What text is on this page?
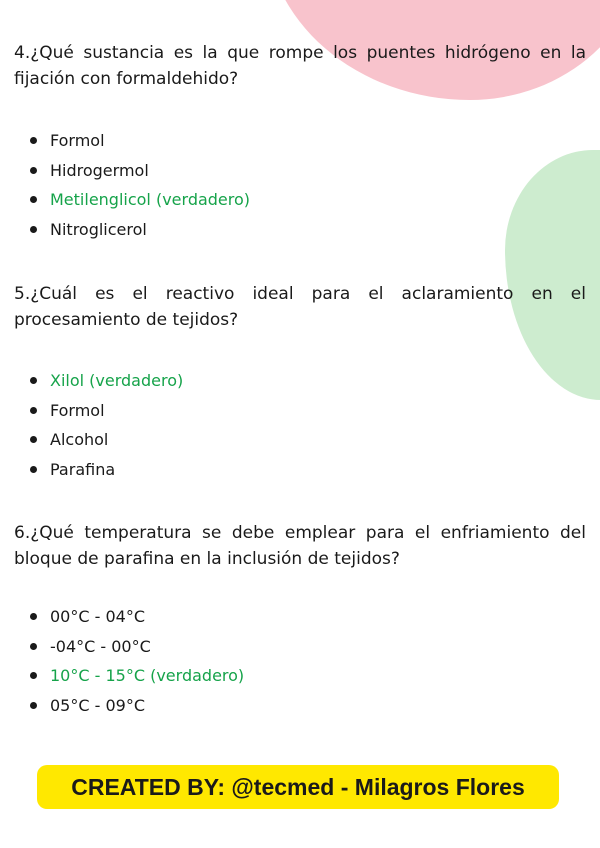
4.¿Qué sustancia es la que rompe los puentes hidrógeno en la fijación con formaldehido?

Formol
Hidrogermol
Metilenglicol (verdadero)
Nitroglicerol

5.¿Cuál es el reactivo ideal para el aclaramiento en el procesamiento de tejidos?

Xilol (verdadero)
Formol
Alcohol
Parafina

6.¿Qué temperatura se debe emplear para el enfriamiento del bloque de parafina en la inclusión de tejidos?

00°C - 04°C
-04°C - 00°C
10°C - 15°C (verdadero)
05°C - 09°C
CREATED BY: @tecmed - Milagros Flores
